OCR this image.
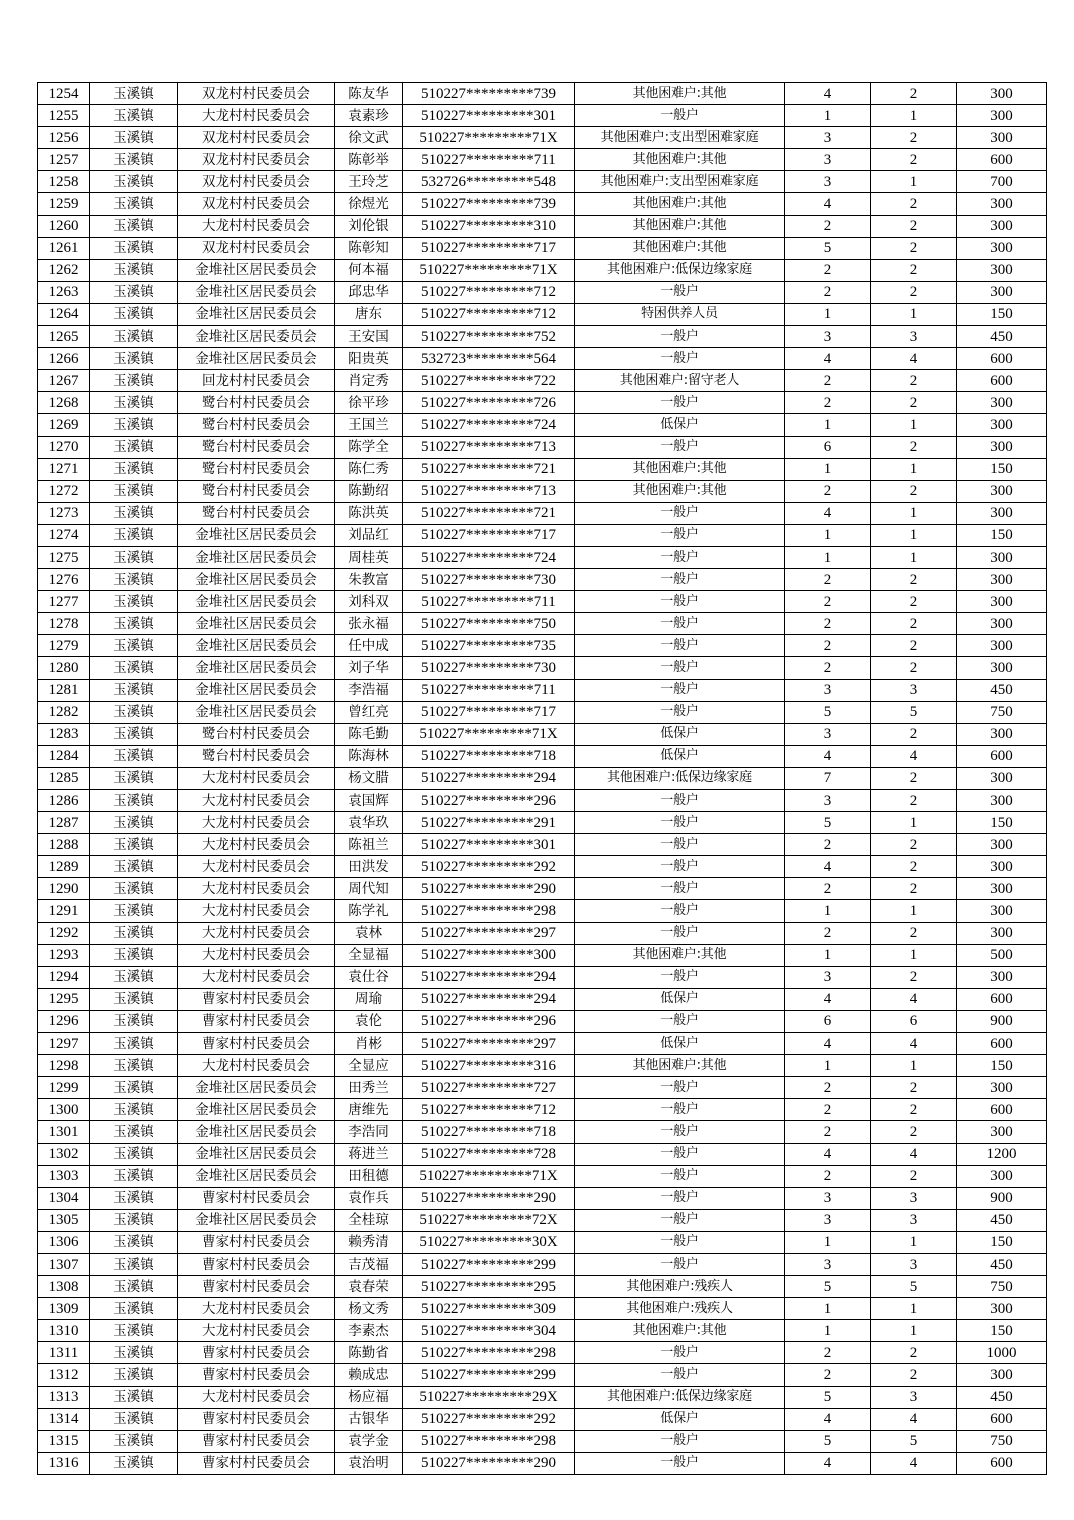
1254	玉溪镇	双龙村村民委员会	陈友华	510227*********739	其他困难户:其他	4	2	300
1255	玉溪镇	大龙村村民委员会	袁素珍	510227*********301	一般户	1	1	300
1256	玉溪镇	双龙村村民委员会	徐文武	510227*********71X	其他困难户:支出型困难家庭	3	2	300
1257	玉溪镇	双龙村村民委员会	陈彰举	510227*********711	其他困难户:其他	3	2	600
1258	玉溪镇	双龙村村民委员会	王玲芝	532726*********548	其他困难户:支出型困难家庭	3	1	700
1259	玉溪镇	双龙村村民委员会	徐煜光	510227*********739	其他困难户:其他	4	2	300
1260	玉溪镇	大龙村村民委员会	刘伦银	510227*********310	其他困难户:其他	2	2	300
1261	玉溪镇	双龙村村民委员会	陈彰知	510227*********717	其他困难户:其他	5	2	300
1262	玉溪镇	金堆社区居民委员会	何本福	510227*********71X	其他困难户:低保边缘家庭	2	2	300
1263	玉溪镇	金堆社区居民委员会	邱忠华	510227*********712	一般户	2	2	300
1264	玉溪镇	金堆社区居民委员会	唐东	510227*********712	特困供养人员	1	1	150
1265	玉溪镇	金堆社区居民委员会	王安国	510227*********752	一般户	3	3	450
1266	玉溪镇	金堆社区居民委员会	阳贵英	532723*********564	一般户	4	4	600
1267	玉溪镇	回龙村村民委员会	肖定秀	510227*********722	其他困难户:留守老人	2	2	600
1268	玉溪镇	鹭台村村民委员会	徐平珍	510227*********726	一般户	2	2	300
1269	玉溪镇	鹭台村村民委员会	王国兰	510227*********724	低保户	1	1	300
1270	玉溪镇	鹭台村村民委员会	陈学全	510227*********713	一般户	6	2	300
1271	玉溪镇	鹭台村村民委员会	陈仁秀	510227*********721	其他困难户:其他	1	1	150
1272	玉溪镇	鹭台村村民委员会	陈勤绍	510227*********713	其他困难户:其他	2	2	300
1273	玉溪镇	鹭台村村民委员会	陈洪英	510227*********721	一般户	4	1	300
1274	玉溪镇	金堆社区居民委员会	刘品红	510227*********717	一般户	1	1	150
1275	玉溪镇	金堆社区居民委员会	周桂英	510227*********724	一般户	1	1	300
1276	玉溪镇	金堆社区居民委员会	朱教富	510227*********730	一般户	2	2	300
1277	玉溪镇	金堆社区居民委员会	刘科双	510227*********711	一般户	2	2	300
1278	玉溪镇	金堆社区居民委员会	张永福	510227*********750	一般户	2	2	300
1279	玉溪镇	金堆社区居民委员会	任中成	510227*********735	一般户	2	2	300
1280	玉溪镇	金堆社区居民委员会	刘子华	510227*********730	一般户	2	2	300
1281	玉溪镇	金堆社区居民委员会	李浩福	510227*********711	一般户	3	3	450
1282	玉溪镇	金堆社区居民委员会	曾红亮	510227*********717	一般户	5	5	750
1283	玉溪镇	鹭台村村民委员会	陈毛勤	510227*********71X	低保户	3	2	300
1284	玉溪镇	鹭台村村民委员会	陈海林	510227*********718	低保户	4	4	600
1285	玉溪镇	大龙村村民委员会	杨文腊	510227*********294	其他困难户:低保边缘家庭	7	2	300
1286	玉溪镇	大龙村村民委员会	袁国辉	510227*********296	一般户	3	2	300
1287	玉溪镇	大龙村村民委员会	袁华玖	510227*********291	一般户	5	1	150
1288	玉溪镇	大龙村村民委员会	陈祖兰	510227*********301	一般户	2	2	300
1289	玉溪镇	大龙村村民委员会	田洪发	510227*********292	一般户	4	2	300
1290	玉溪镇	大龙村村民委员会	周代知	510227*********290	一般户	2	2	300
1291	玉溪镇	大龙村村民委员会	陈学礼	510227*********298	一般户	1	1	300
1292	玉溪镇	大龙村村民委员会	袁林	510227*********297	一般户	2	2	300
1293	玉溪镇	大龙村村民委员会	全显福	510227*********300	其他困难户:其他	1	1	500
1294	玉溪镇	大龙村村民委员会	袁仕谷	510227*********294	一般户	3	2	300
1295	玉溪镇	曹家村村民委员会	周瑜	510227*********294	低保户	4	4	600
1296	玉溪镇	曹家村村民委员会	袁伦	510227*********296	一般户	6	6	900
1297	玉溪镇	曹家村村民委员会	肖彬	510227*********297	低保户	4	4	600
1298	玉溪镇	大龙村村民委员会	全显应	510227*********316	其他困难户:其他	1	1	150
1299	玉溪镇	金堆社区居民委员会	田秀兰	510227*********727	一般户	2	2	300
1300	玉溪镇	金堆社区居民委员会	唐维先	510227*********712	一般户	2	2	600
1301	玉溪镇	金堆社区居民委员会	李浩同	510227*********718	一般户	2	2	300
1302	玉溪镇	金堆社区居民委员会	蒋进兰	510227*********728	一般户	4	4	1200
1303	玉溪镇	金堆社区居民委员会	田租德	510227*********71X	一般户	2	2	300
1304	玉溪镇	曹家村村民委员会	袁作兵	510227*********290	一般户	3	3	900
1305	玉溪镇	金堆社区居民委员会	全桂琼	510227*********72X	一般户	3	3	450
1306	玉溪镇	曹家村村民委员会	赖秀清	510227*********30X	一般户	1	1	150
1307	玉溪镇	曹家村村民委员会	吉茂福	510227*********299	一般户	3	3	450
1308	玉溪镇	曹家村村民委员会	袁春荣	510227*********295	其他困难户:残疾人	5	5	750
1309	玉溪镇	大龙村村民委员会	杨文秀	510227*********309	其他困难户:残疾人	1	1	300
1310	玉溪镇	大龙村村民委员会	李素杰	510227*********304	其他困难户:其他	1	1	150
1311	玉溪镇	曹家村村民委员会	陈勤省	510227*********298	一般户	2	2	1000
1312	玉溪镇	曹家村村民委员会	赖成忠	510227*********299	一般户	2	2	300
1313	玉溪镇	大龙村村民委员会	杨应福	510227*********29X	其他困难户:低保边缘家庭	5	3	450
1314	玉溪镇	曹家村村民委员会	古银华	510227*********292	低保户	4	4	600
1315	玉溪镇	曹家村村民委员会	袁学金	510227*********298	一般户	5	5	750
1316	玉溪镇	曹家村村民委员会	袁治明	510227*********290	一般户	4	4	600
